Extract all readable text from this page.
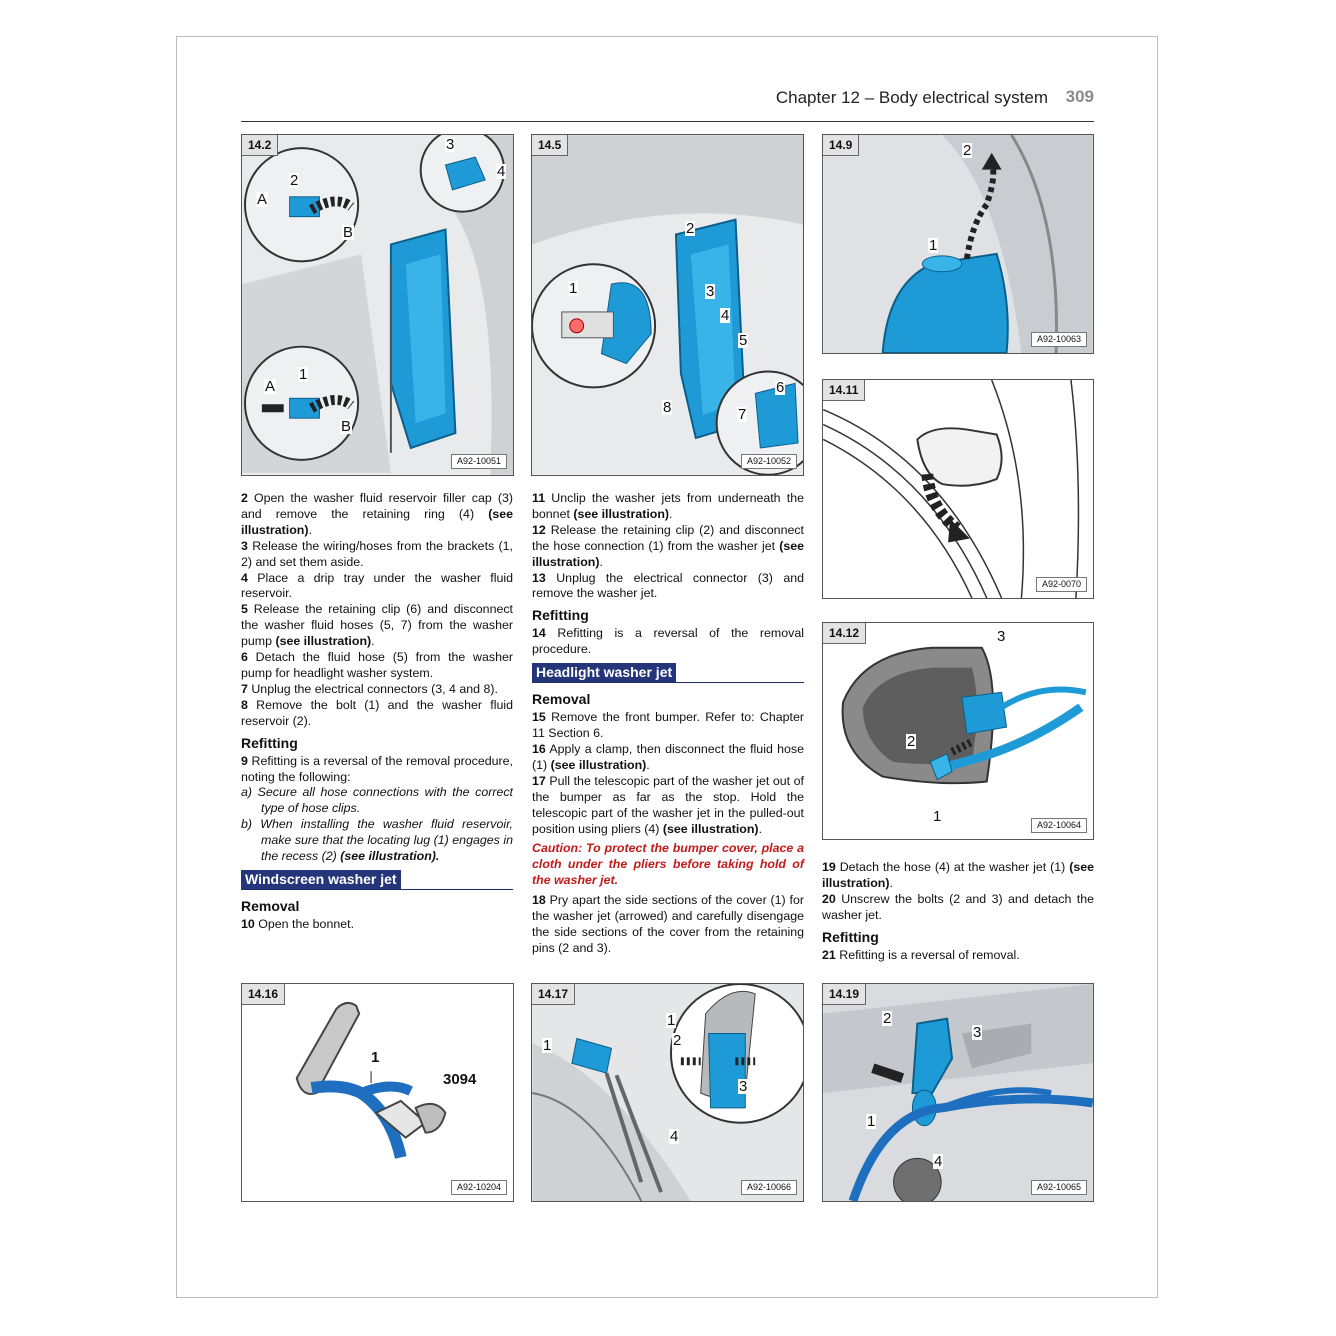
Chapter 12 – Body electrical system 309
14.2	3
4
A
2
B
A
1
B
A92-10051
14.5
2
1	3
4
5
6
8	7
A92-10052
14.9	2
1
A92-10063
14.11
A92-0070
14.12	3
2
1	A92-10064

2 Open the washer fluid reservoir filler cap (3) and remove the retaining ring (4) (see illustration).

3 Release the wiring/hoses from the brackets (1, 2) and set them aside.

4 Place a drip tray under the washer fluid reservoir.

5 Release the retaining clip (6) and disconnect the washer fluid hoses (5, 7) from the washer pump (see illustration).

6 Detach the fluid hose (5) from the washer pump for headlight washer system.

7 Unplug the electrical connectors (3, 4 and 8).

8 Remove the bolt (1) and the washer fluid reservoir (2).

Refitting

9 Refitting is a reversal of the removal procedure, noting the following:

a) Secure all hose connections with the correct type of hose clips.

b) When installing the washer fluid reservoir, make sure that the locating lug (1) engages in the recess (2) (see illustration).

Windscreen washer jet
Removal

10 Open the bonnet.

11 Unclip the washer jets from underneath the bonnet (see illustration).

12 Release the retaining clip (2) and disconnect the hose connection (1) from the washer jet (see illustration).

13 Unplug the electrical connector (3) and remove the washer jet.

Refitting

14 Refitting is a reversal of the removal procedure.

Headlight washer jet
Removal

15 Remove the front bumper. Refer to: Chapter 11 Section 6.

16 Apply a clamp, then disconnect the fluid hose (1) (see illustration).

17 Pull the telescopic part of the washer jet out of the bumper as far as the stop. Hold the telescopic part of the washer jet in the pulled-out position using pliers (4) (see illustration).

Caution: To protect the bumper cover, place a cloth under the pliers before taking hold of the washer jet.

18 Pry apart the side sections of the cover (1) for the washer jet (arrowed) and carefully disengage the side sections of the cover from the retaining pins (2 and 3).

19 Detach the hose (4) at the washer jet (1) (see illustration).

20 Unscrew the bolts (2 and 3) and detach the washer jet.

Refitting

21 Refitting is a reversal of removal.

14.16
1
3094
A92-10204
14.17
1
1
2
3
4
A92-10066
14.19
2
3
1
4
A92-10065
